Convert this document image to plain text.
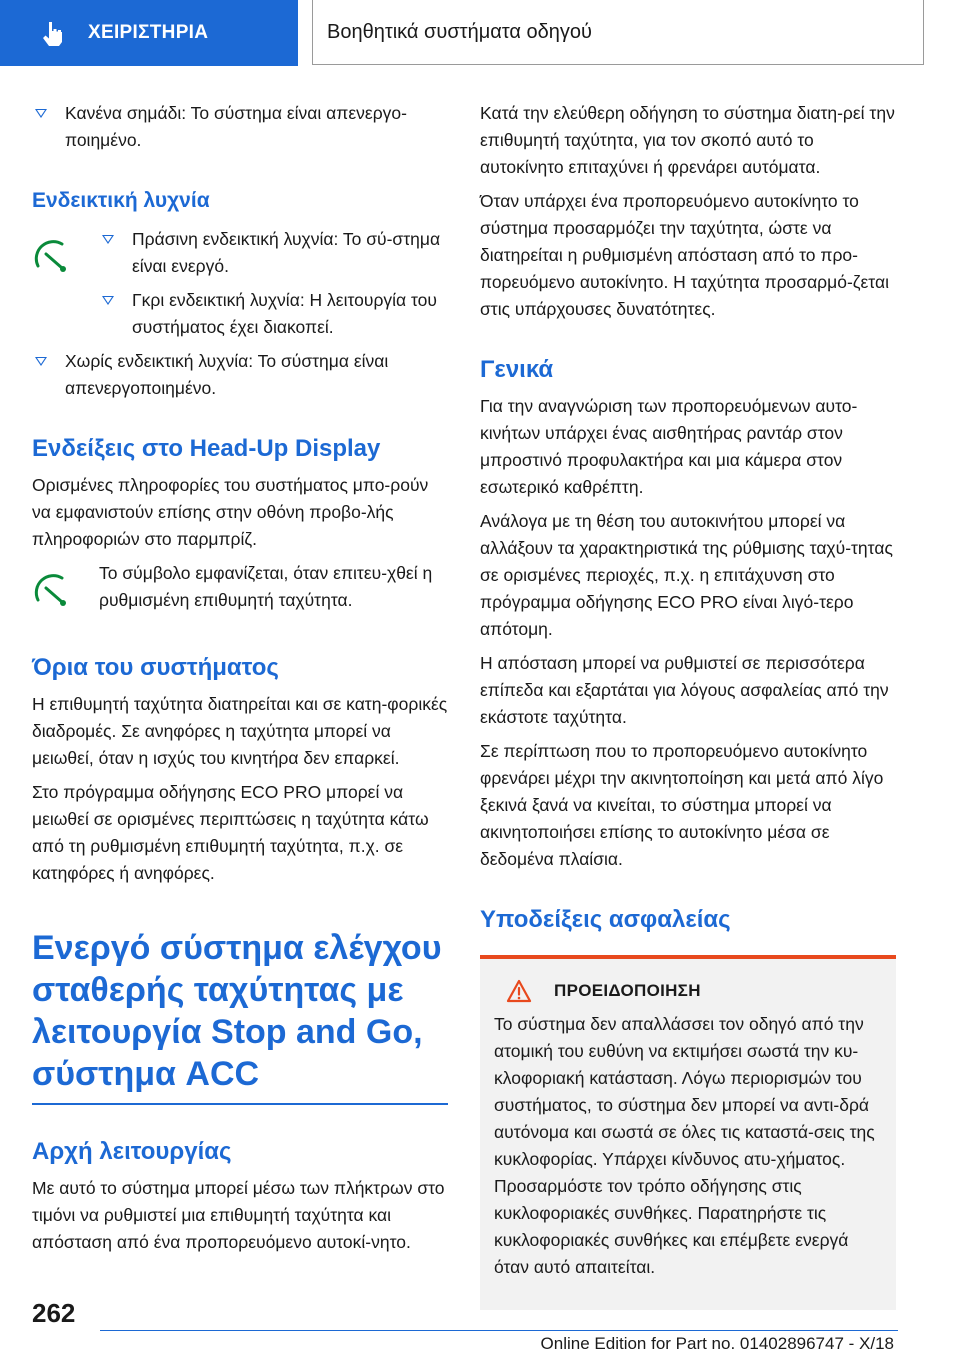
ΧΕΙΡΙΣΤΗΡΙΑ	Βοηθητικά συστήματα οδηγού
Κανένα σημάδι: Το σύστημα είναι απενεργο-ποιημένο.
Ενδεικτική λυχνία
Πράσινη ενδεικτική λυχνία: Το σύ-στημα είναι ενεργό.
Γκρι ενδεικτική λυχνία: Η λειτουργία του συστήματος έχει διακοπεί.
Χωρίς ενδεικτική λυχνία: Το σύστημα είναι απενεργοποιημένο.
Ενδείξεις στο Head-Up Display

Ορισμένες πληροφορίες του συστήματος μπο-ρούν να εμφανιστούν επίσης στην οθόνη προβο-λής πληροφοριών στο παρμπρίζ.

Το σύμβολο εμφανίζεται, όταν επιτευ-χθεί η ρυθμισμένη επιθυμητή ταχύτητα.

Όρια του συστήματος

Η επιθυμητή ταχύτητα διατηρείται και σε κατη-φορικές διαδρομές. Σε ανηφόρες η ταχύτητα μπορεί να μειωθεί, όταν η ισχύς του κινητήρα δεν επαρκεί.

Στο πρόγραμμα οδήγησης ECO PRO μπορεί να μειωθεί σε ορισμένες περιπτώσεις η ταχύτητα κάτω από τη ρυθμισμένη επιθυμητή ταχύτητα, π.χ. σε κατηφόρες ή ανηφόρες.

Ενεργό σύστημα ελέγχου σταθερής ταχύτητας με λειτουργία Stop and Go, σύστημα ACC
Αρχή λειτουργίας

Με αυτό το σύστημα μπορεί μέσω των πλήκτρων στο τιμόνι να ρυθμιστεί μια επιθυμητή ταχύτητα και απόσταση από ένα προπορευόμενο αυτοκί-νητο.

Κατά την ελεύθερη οδήγηση το σύστημα διατη-ρεί την επιθυμητή ταχύτητα, για τον σκοπό αυτό το αυτοκίνητο επιταχύνει ή φρενάρει αυτόματα.

Όταν υπάρχει ένα προπορευόμενο αυτοκίνητο το σύστημα προσαρμόζει την ταχύτητα, ώστε να διατηρείται η ρυθμισμένη απόσταση από το προ-πορευόμενο αυτοκίνητο. Η ταχύτητα προσαρμό-ζεται στις υπάρχουσες δυνατότητες.

Γενικά

Για την αναγνώριση των προπορευόμενων αυτο-κινήτων υπάρχει ένας αισθητήρας ραντάρ στον μπροστινό προφυλακτήρα και μια κάμερα στον εσωτερικό καθρέπτη.

Ανάλογα με τη θέση του αυτοκινήτου μπορεί να αλλάξουν τα χαρακτηριστικά της ρύθμισης ταχύ-τητας σε ορισμένες περιοχές, π.χ. η επιτάχυνση στο πρόγραμμα οδήγησης ECO PRO είναι λιγό-τερο απότομη.

Η απόσταση μπορεί να ρυθμιστεί σε περισσότερα επίπεδα και εξαρτάται για λόγους ασφαλείας από την εκάστοτε ταχύτητα.

Σε περίπτωση που το προπορευόμενο αυτοκίνητο φρενάρει μέχρι την ακινητοποίηση και μετά από λίγο ξεκινά ξανά να κινείται, το σύστημα μπορεί να ακινητοποιήσει επίσης το αυτοκίνητο μέσα σε δεδομένα πλαίσια.

Υποδείξεις ασφαλείας
ΠΡΟΕΙΔΟΠΟΙΗΣΗ

Το σύστημα δεν απαλλάσσει τον οδηγό από την ατομική του ευθύνη να εκτιμήσει σωστά την κυ-κλοφοριακή κατάσταση. Λόγω περιορισμών του συστήματος, το σύστημα δεν μπορεί να αντι-δρά αυτόνομα και σωστά σε όλες τις καταστά-σεις της κυκλοφορίας. Υπάρχει κίνδυνος ατυ-χήματος. Προσαρμόστε τον τρόπο οδήγησης στις κυκλοφοριακές συνθήκες. Παρατηρήστε τις κυκλοφοριακές συνθήκες και επέμβετε ενεργά όταν αυτό απαιτείται.

262
Online Edition for Part no. 01402896747 - X/18
